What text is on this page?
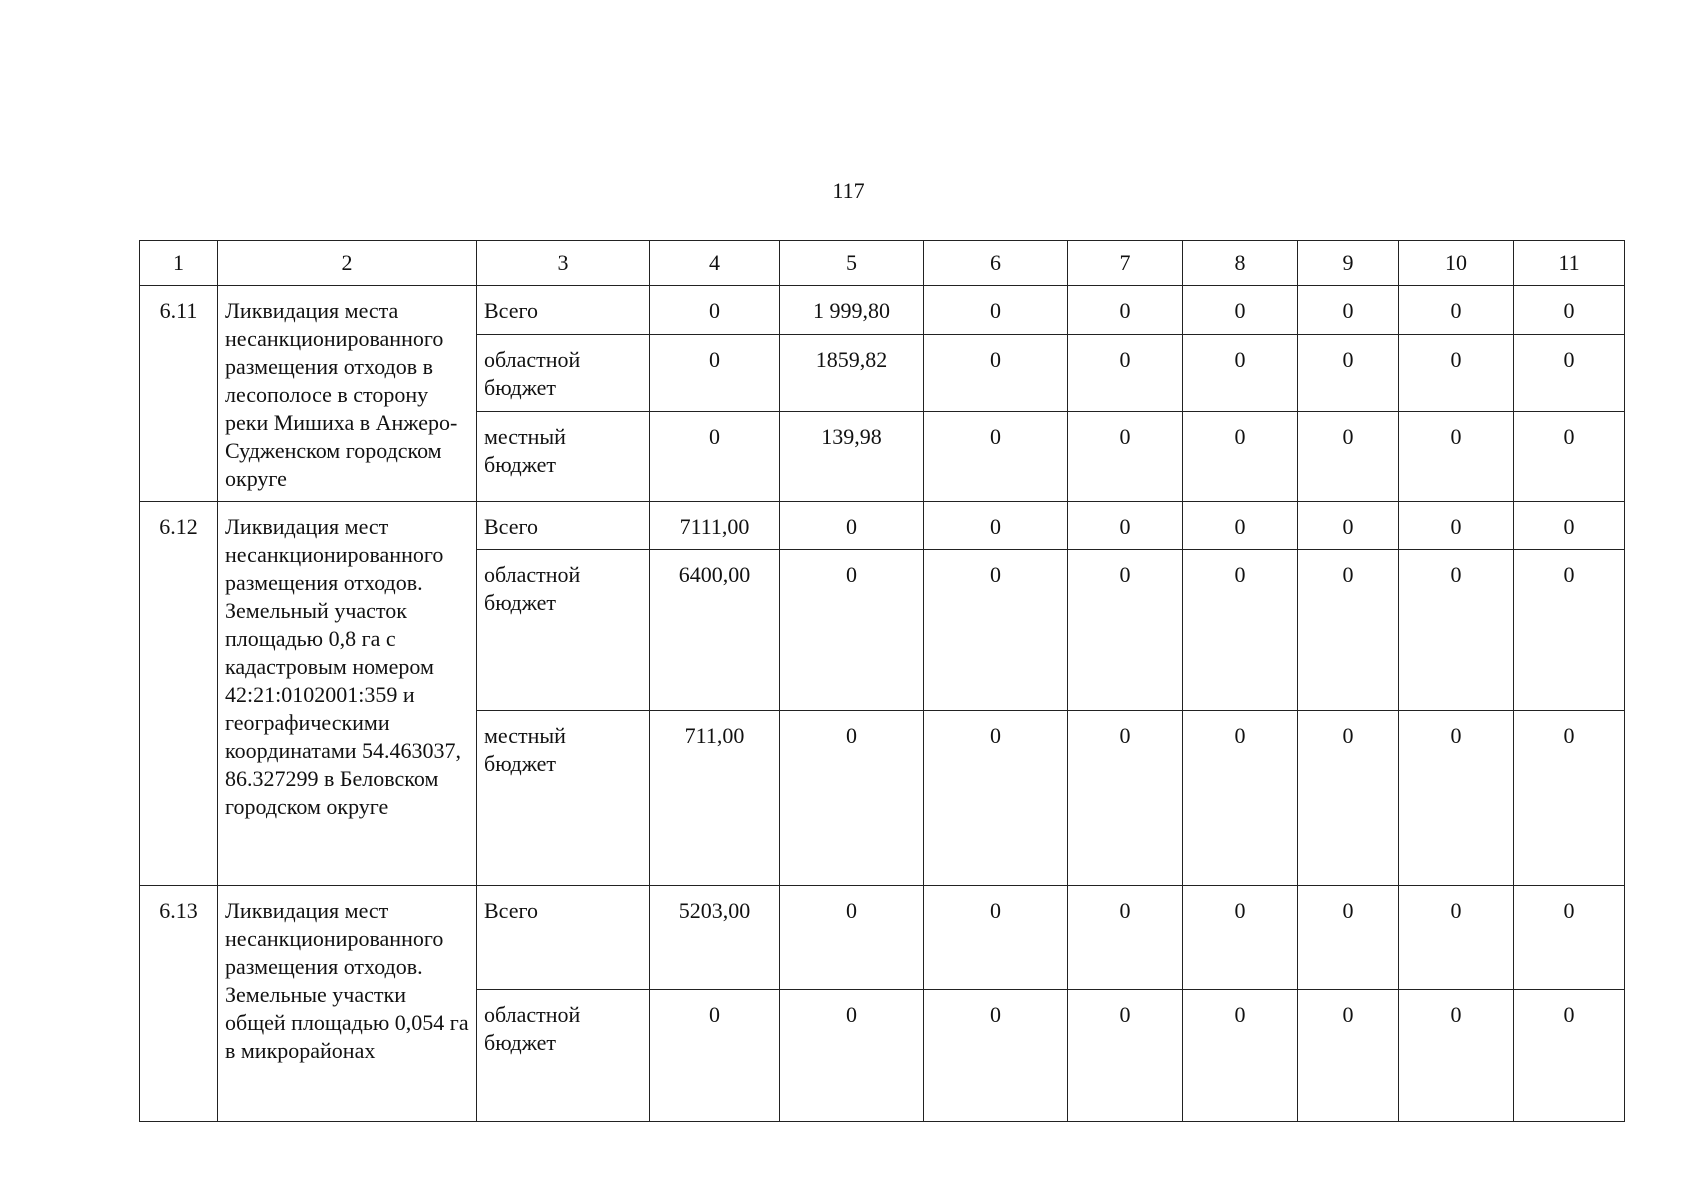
117
1	2	3	4	5	6	7	8	9	10	11
6.11	Ликвидация места несанкционированного размещения отходов в лесополосе в сторону реки Мишиха в Анжеро-Судженском городском округе	Всего	0	1 999,80	0	0	0	0	0	0
		областной бюджет	0	1859,82	0	0	0	0	0	0
		местный бюджет	0	139,98	0	0	0	0	0	0
6.12	Ликвидация мест несанкционированного размещения отходов. Земельный участок площадью 0,8 га с кадастровым номером 42:21:0102001:359 и географическими координатами 54.463037, 86.327299 в Беловском городском округе	Всего	7111,00	0	0	0	0	0	0	0
		областной бюджет	6400,00	0	0	0	0	0	0	0
		местный бюджет	711,00	0	0	0	0	0	0	0
6.13	Ликвидация мест несанкционированного размещения отходов. Земельные участки общей площадью 0,054 га в микрорайонах	Всего	5203,00	0	0	0	0	0	0	0
		областной бюджет	0	0	0	0	0	0	0	0
